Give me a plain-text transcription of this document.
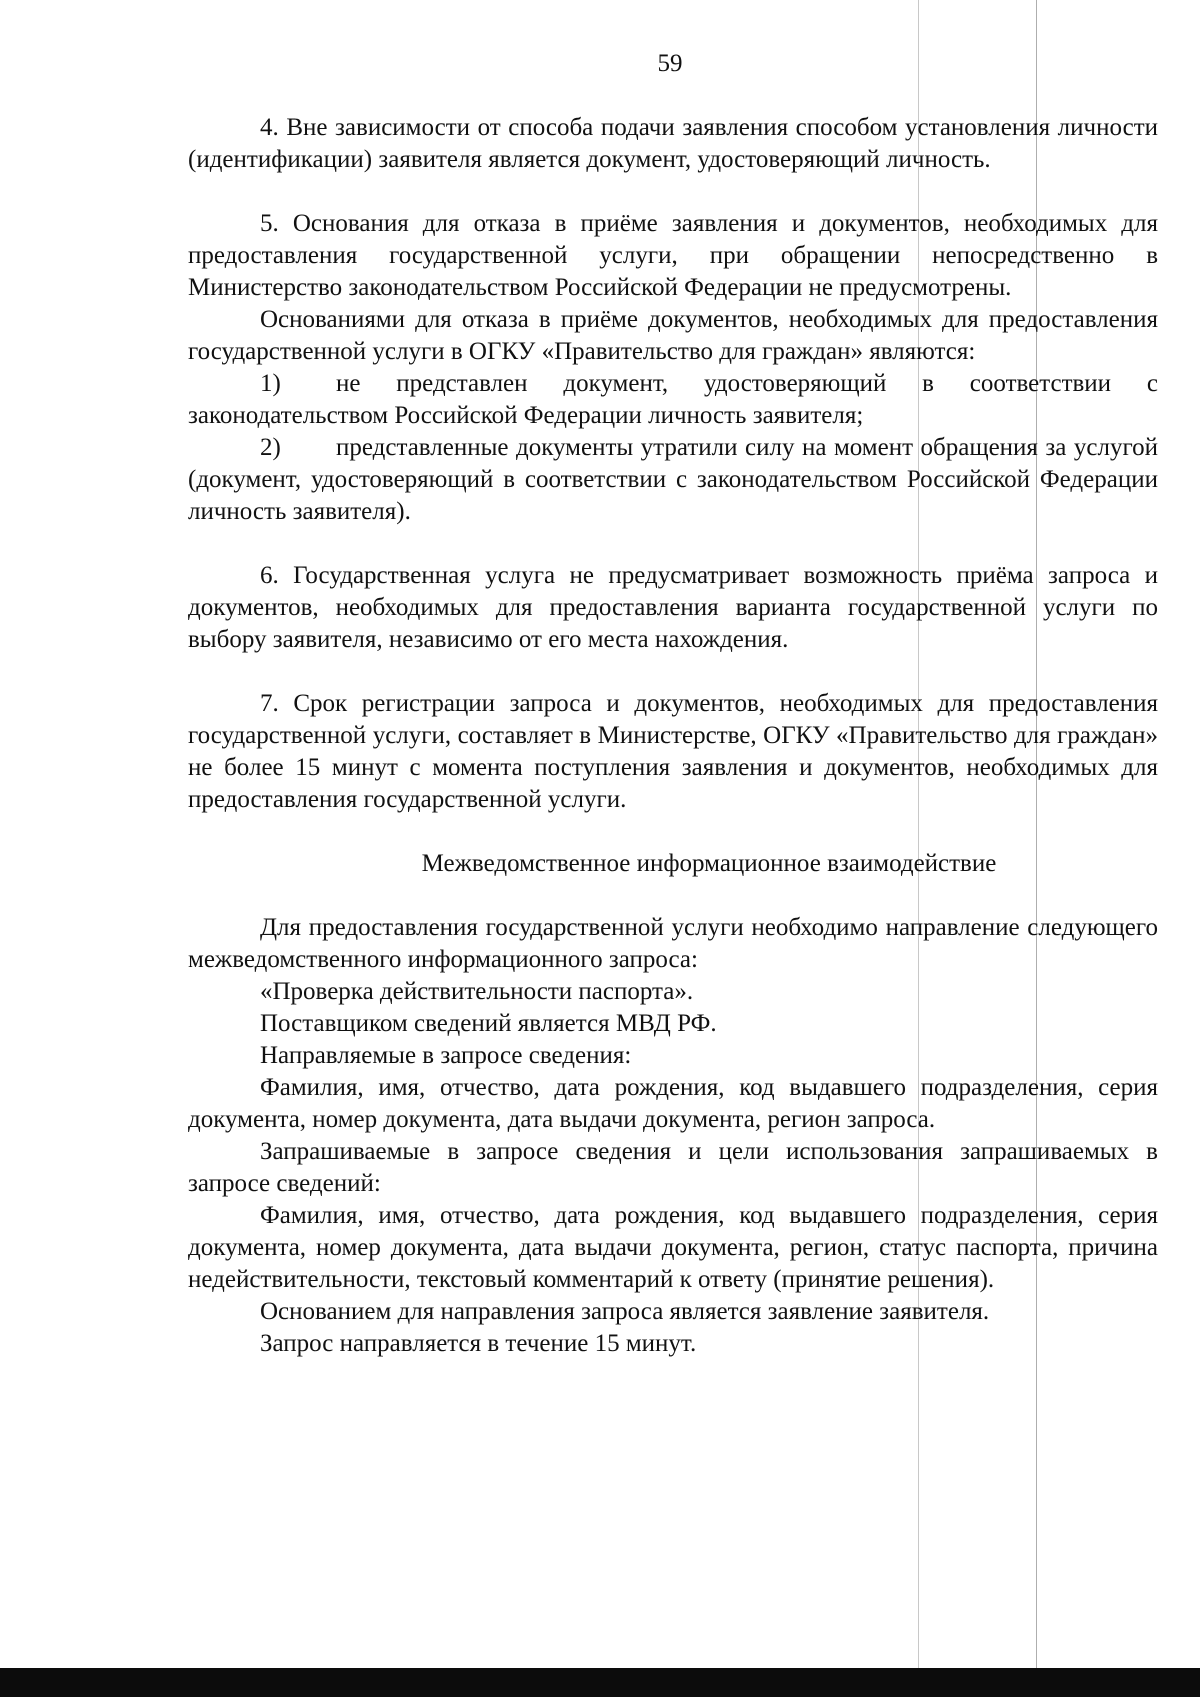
59

4. Вне зависимости от способа подачи заявления способом установления личности (идентификации) заявителя является документ, удостоверяющий личность.

5. Основания для отказа в приёме заявления и документов, необходимых для предоставления государственной услуги, при обращении непосредственно в Министерство законодательством Российской Федерации не предусмотрены.

Основаниями для отказа в приёме документов, необходимых для предоставления государственной услуги в ОГКУ «Правительство для граждан» являются:

1) не представлен документ, удостоверяющий в соответствии с законодательством Российской Федерации личность заявителя;

2) представленные документы утратили силу на момент обращения за услугой (документ, удостоверяющий в соответствии с законодательством Российской Федерации личность заявителя).

6. Государственная услуга не предусматривает возможность приёма запроса и документов, необходимых для предоставления варианта государственной услуги по выбору заявителя, независимо от его места нахождения.

7. Срок регистрации запроса и документов, необходимых для предоставления государственной услуги, составляет в Министерстве, ОГКУ «Правительство для граждан» не более 15 минут с момента поступления заявления и документов, необходимых для предоставления государственной услуги.

Межведомственное информационное взаимодействие

Для предоставления государственной услуги необходимо направление следующего межведомственного информационного запроса:

«Проверка действительности паспорта».

Поставщиком сведений является МВД РФ.

Направляемые в запросе сведения:

Фамилия, имя, отчество, дата рождения, код выдавшего подразделения, серия документа, номер документа, дата выдачи документа, регион запроса.

Запрашиваемые в запросе сведения и цели использования запрашиваемых в запросе сведений:

Фамилия, имя, отчество, дата рождения, код выдавшего подразделения, серия документа, номер документа, дата выдачи документа, регион, статус паспорта, причина недействительности, текстовый комментарий к ответу (принятие решения).

Основанием для направления запроса является заявление заявителя.

Запрос направляется в течение 15 минут.
